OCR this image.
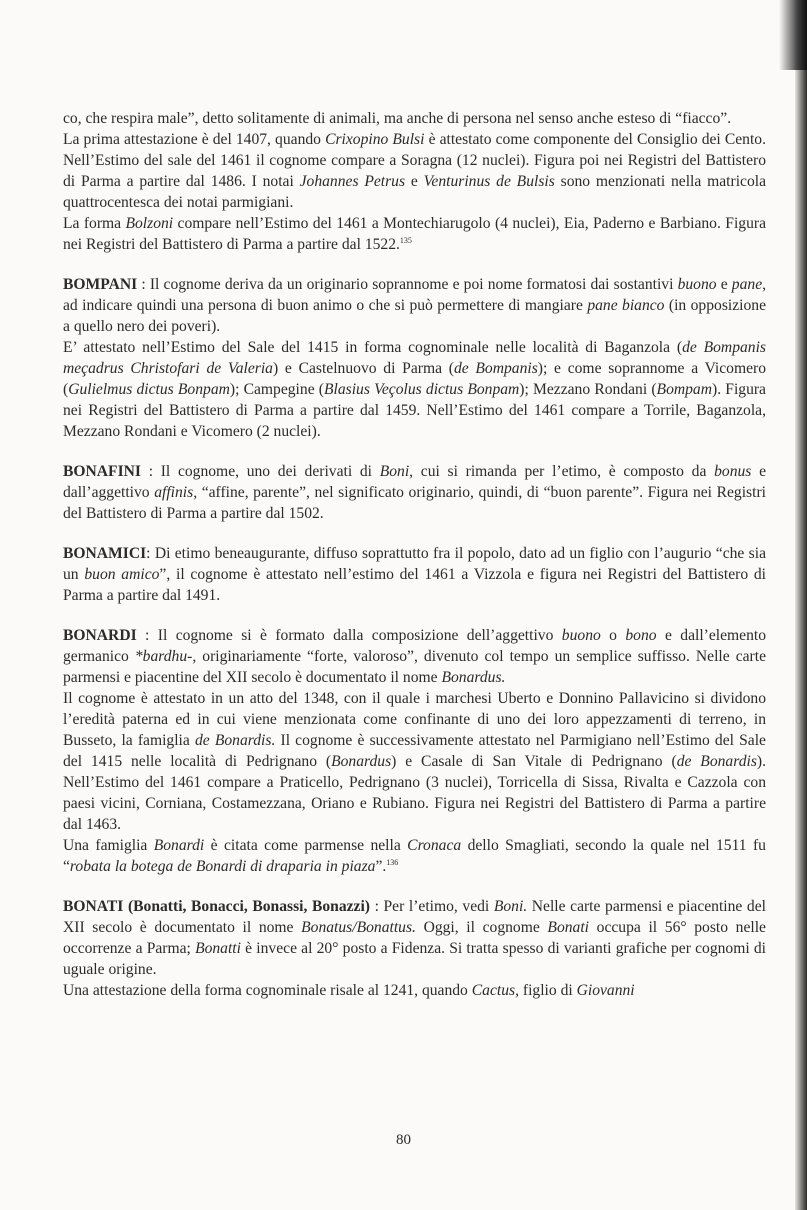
co, che respira male”, detto solitamente di animali, ma anche di persona nel senso anche esteso di “fiacco”.

La prima attestazione è del 1407, quando Crixopino Bulsi è attestato come componente del Consiglio dei Cento. Nell’Estimo del sale del 1461 il cognome compare a Soragna (12 nuclei). Figura poi nei Registri del Battistero di Parma a partire dal 1486. I notai Johannes Petrus e Venturinus de Bulsis sono menzionati nella matricola quattrocentesca dei notai parmigiani.

La forma Bolzoni compare nell’Estimo del 1461 a Montechiarugolo (4 nuclei), Eia, Paderno e Barbiano. Figura nei Registri del Battistero di Parma a partire dal 1522.$^{135}$

BOMPANI : Il cognome deriva da un originario soprannome e poi nome formatosi dai sostantivi buono e pane, ad indicare quindi una persona di buon animo o che si può permettere di mangiare pane bianco (in opposizione a quello nero dei poveri).

E’ attestato nell’Estimo del Sale del 1415 in forma cognominale nelle località di Baganzola (de Bompanis meçadrus Christofari de Valeria) e Castelnuovo di Parma (de Bompanis); e come soprannome a Vicomero (Gulielmus dictus Bonpam); Campegine (Blasius Veçolus dictus Bonpam); Mezzano Rondani (Bompam). Figura nei Registri del Battistero di Parma a partire dal 1459. Nell’Estimo del 1461 compare a Torrile, Baganzola, Mezzano Rondani e Vicomero (2 nuclei).

BONAFINI : Il cognome, uno dei derivati di Boni, cui si rimanda per l’etimo, è composto da bonus e dall’aggettivo affinis, “affine, parente”, nel significato originario, quindi, di “buon parente”. Figura nei Registri del Battistero di Parma a partire dal 1502.

BONAMICI: Di etimo beneaugurante, diffuso soprattutto fra il popolo, dato ad un figlio con l’augurio “che sia un buon amico”, il cognome è attestato nell’estimo del 1461 a Vizzola e figura nei Registri del Battistero di Parma a partire dal 1491.

BONARDI : Il cognome si è formato dalla composizione dell’aggettivo buono o bono e dall’elemento germanico *bardhu-, originariamente “forte, valoroso”, divenuto col tempo un semplice suffisso. Nelle carte parmensi e piacentine del XII secolo è documentato il nome Bonardus.

Il cognome è attestato in un atto del 1348, con il quale i marchesi Uberto e Donnino Pallavicino si dividono l’eredità paterna ed in cui viene menzionata come confinante di uno dei loro appezzamenti di terreno, in Busseto, la famiglia de Bonardis. Il cognome è successivamente attestato nel Parmigiano nell’Estimo del Sale del 1415 nelle località di Pedrignano (Bonardus) e Casale di San Vitale di Pedrignano (de Bonardis). Nell’Estimo del 1461 compare a Praticello, Pedrignano (3 nuclei), Torricella di Sissa, Rivalta e Cazzola con paesi vicini, Corniana, Costamezzana, Oriano e Rubiano. Figura nei Registri del Battistero di Parma a partire dal 1463.

Una famiglia Bonardi è citata come parmense nella Cronaca dello Smagliati, secondo la quale nel 1511 fu “robata la botega de Bonardi di draparia in piaza”.$^{136}$

BONATI (Bonatti, Bonacci, Bonassi, Bonazzi) : Per l’etimo, vedi Boni. Nelle carte parmensi e piacentine del XII secolo è documentato il nome Bonatus/Bonattus. Oggi, il cognome Bonati occupa il 56° posto nelle occorrenze a Parma; Bonatti è invece al 20° posto a Fidenza. Si tratta spesso di varianti grafiche per cognomi di uguale origine.

Una attestazione della forma cognominale risale al 1241, quando Cactus, figlio di Giovanni

80
